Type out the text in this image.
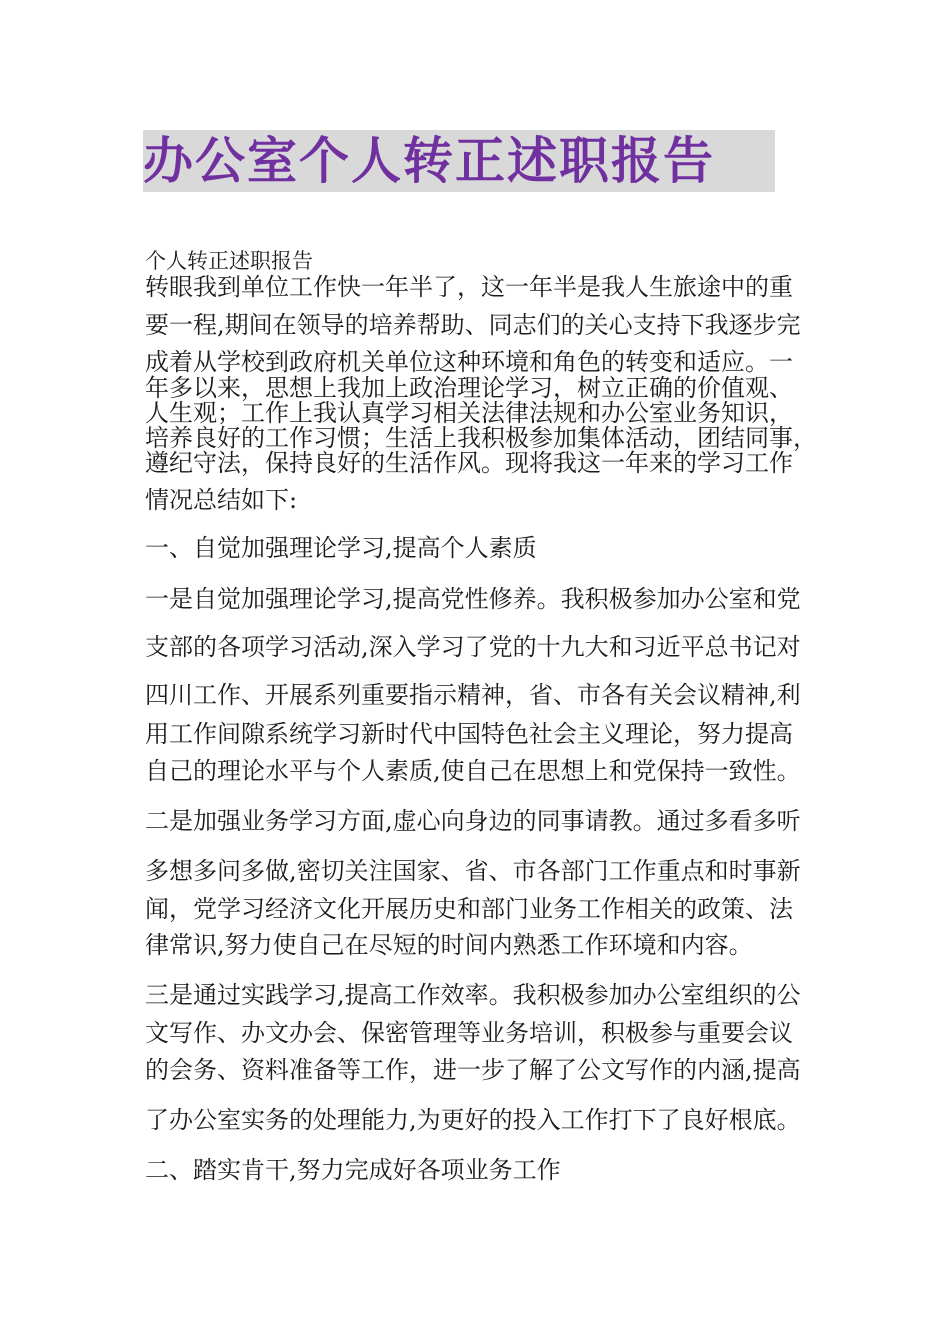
办公室个人转正述职报告
个人转正述职报告
转眼我到单位工作快一年半了，这一年半是我人生旅途中的重
要一程,期间在领导的培养帮助、同志们的关心支持下我逐步完
成着从学校到政府机关单位这种环境和角色的转变和适应。一
年多以来，思想上我加上政治理论学习，树立正确的价值观、
人生观；工作上我认真学习相关法律法规和办公室业务知识，
培养良好的工作习惯；生活上我积极参加集体活动，团结同事，
遵纪守法，保持良好的生活作风。现将我这一年来的学习工作
情况总结如下:
一、自觉加强理论学习,提高个人素质
一是自觉加强理论学习,提高党性修养。我积极参加办公室和党
支部的各项学习活动,深入学习了党的十九大和习近平总书记对
四川工作、开展系列重要指示精神，省、市各有关会议精神,利
用工作间隙系统学习新时代中国特色社会主义理论，努力提高
自己的理论水平与个人素质,使自己在思想上和党保持一致性。
二是加强业务学习方面,虚心向身边的同事请教。通过多看多听
多想多问多做,密切关注国家、省、市各部门工作重点和时事新
闻，党学习经济文化开展历史和部门业务工作相关的政策、法
律常识,努力使自己在尽短的时间内熟悉工作环境和内容。
三是通过实践学习,提高工作效率。我积极参加办公室组织的公
文写作、办文办会、保密管理等业务培训，积极参与重要会议
的会务、资料准备等工作，进一步了解了公文写作的内涵,提高
了办公室实务的处理能力,为更好的投入工作打下了良好根底。
二、踏实肯干,努力完成好各项业务工作
